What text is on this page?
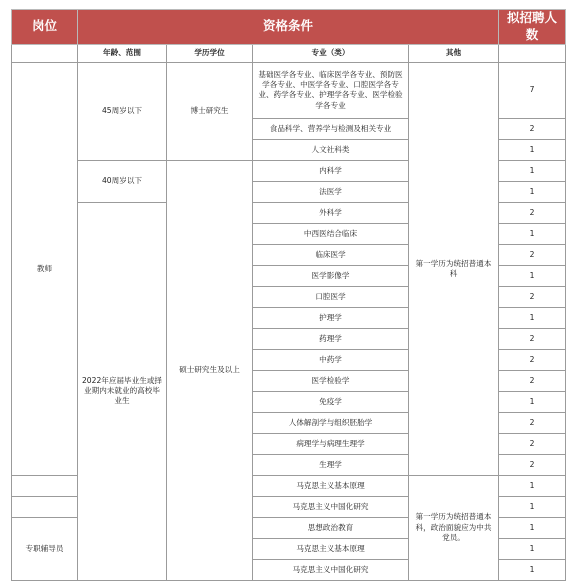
岗位	资格条件				拟招聘人数
	年龄、范围	学历学位	专业（类）	其他	
教师	45周岁以下	博士研究生	基础医学各专业、临床医学各专业、预防医学各专业、中医学各专业、口腔医学各专业、药学各专业、护理学各专业、医学检验学各专业	第一学历为统招普通本科	7
			食品科学、营养学与检测及相关专业		2
			人文社科类		1
	40周岁以下	硕士研究生及以上	内科学		1
			法医学		1
	2022年应届毕业生或择业期内未就业的高校毕业生		外科学		2
			中西医结合临床		1
			临床医学		2
			医学影像学		1
			口腔医学		2
			护理学		1
			药理学		2
			中药学		2
			医学检验学		2
			免疫学		1
			人体解剖学与组织胚胎学		2
			病理学与病理生理学		2
			生理学		2
			马克思主义基本原理	第一学历为统招普通本科，政治面貌应为中共党员。	1
			马克思主义中国化研究		1
专职辅导员			思想政治教育		1
			马克思主义基本原理		1
			马克思主义中国化研究		1
